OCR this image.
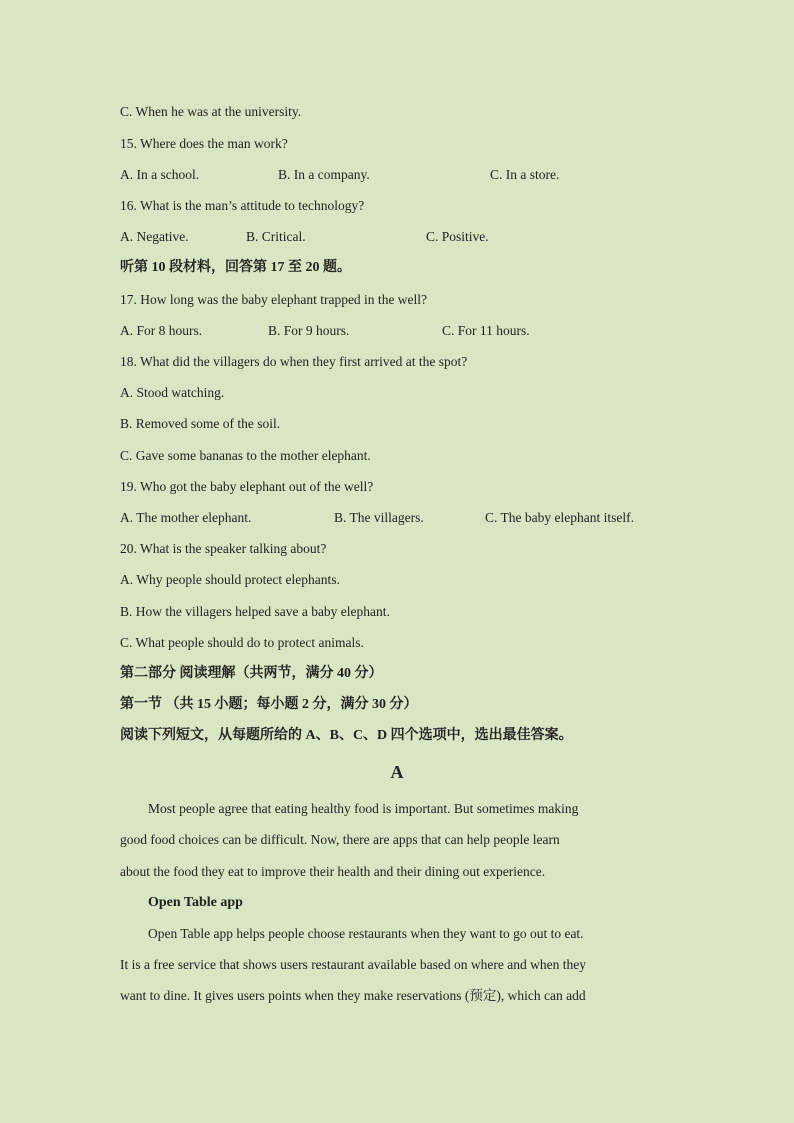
C. When he was at the university.
15. Where does the man work?
A. In a school.	B. In a company.	C. In a store.
16. What is the man’s attitude to technology?
A. Negative.	B. Critical.	C. Positive.
听第 10 段材料，回答第 17 至 20 题。
17. How long was the baby elephant trapped in the well?
A. For 8 hours.	B. For 9 hours.	C. For 11 hours.
18. What did the villagers do when they first arrived at the spot?
A. Stood watching.
B. Removed some of the soil.
C. Gave some bananas to the mother elephant.
19. Who got the baby elephant out of the well?
A. The mother elephant.	B. The villagers.	C. The baby elephant itself.
20. What is the speaker talking about?
A. Why people should protect elephants.
B. How the villagers helped save a baby elephant.
C. What people should do to protect animals.
第二部分 阅读理解（共两节，满分 40 分）
第一节 （共 15 小题；每小题 2 分，满分 30 分）
阅读下列短文，从每题所给的 A、B、C、D 四个选项中，选出最佳答案。
A
Most people agree that eating healthy food is important. But sometimes making
good food choices can be difficult. Now, there are apps that can help people learn
about the food they eat to improve their health and their dining out experience.
Open Table app
Open Table app helps people choose restaurants when they want to go out to eat.
It is a free service that shows users restaurant available based on where and when they
want to dine. It gives users points when they make reservations (预定), which can add
